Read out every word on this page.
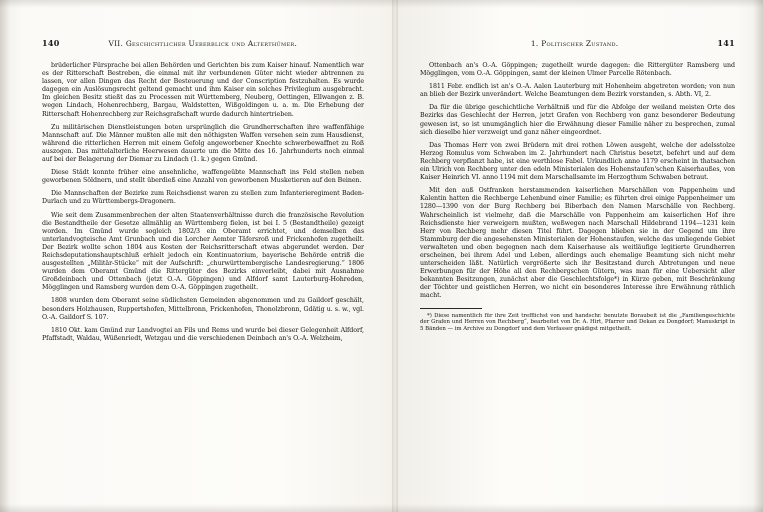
140	VII. Geschichtlicher Ueberblick und Alterthümer.

brüderlicher Fürsprache bei allen Behörden und Gerichten bis zum Kaiser hinauf. Namentlich war es der Ritterschaft Bestreben, die einmal mit ihr verbundenen Güter nicht wieder abtrennen zu lassen, vor allen Dingen das Recht der Besteuerung und der Conscription festzuhalten. Es wurde dagegen ein Auslösungsrecht geltend gemacht und ihm Kaiser ein solches Privilegium ausgebracht. Im gleichen Besitz stießt das zu Processen mit Württemberg, Neuberg, Oettingen, Ellwangen z. B. wegen Lindach, Hohenrechberg, Bargau, Waldstetten, Wißgoldingen u. a. m. Die Erhebung der Ritterschaft Hohenrechberg zur Reichsgrafschaft wurde dadurch hintertrieben.

Zu militärischen Dienstleistungen boten ursprünglich die Grundherrschaften ihre waffenfähige Mannschaft auf. Die Männer mußten alle mit den nöthigsten Waffen versehen sein zum Hausdienst, während die ritterlichen Herren mit einem Gefolg angeworbener Knechte schwerbewaffnet zu Roß auszogen. Das mittelalterliche Heerwesen dauerte um die Mitte des 16. Jahrhunderts noch einmal auf bei der Belagerung der Diemar zu Lindach (1. k.) gegen Gmünd.

Diese Städt konnte früher eine ansehnliche, waffengeübte Mannschaft ins Feld stellen neben geworbenen Söldnern, und stellt überdieß eine Anzahl von geworbenen Musketieren auf den Beinen.

Die Mannschaften der Bezirke zum Reichsdienst waren zu stellen zum Infanterieregiment Baden-Durlach und zu Württembergs-Dragonern.

Wie seit dem Zusammenbrechen der alten Staatenverhältnisse durch die französische Revolution die Bestandtheile der Gesetze allmählig an Württemberg fielen, ist bei I. 5 (Bestandtheile) gezeigt worden. Im Gmünd wurde sogleich 1802/3 ein Oberamt errichtet, und demselben das unterlandvogteische Amt Grunbach und die Lorcher Aemter Täfersroß und Frickenhofen zugetheilt. Der Bezirk wollte schon 1804 aus Kosten der Reichsritterschaft etwas abgerundet werden. Der Reichsdeputationshauptschluß erhielt jedoch ein Kontinuatorium, bayerische Behörde entriß die ausgestellten „Militär-Stücke“ mit der Aufschrift: „churwürttembergische Landesregierung.“ 1806 wurden dem Oberamt Gmünd die Rittergüter des Bezirks einverleibt, dabei mit Ausnahme Großdeinbach und Ottenbach (jetzt O.-A. Göppingen) und Alfdorf samt Lauterburg-Hohreden, Mögglingen und Ramsberg wurden dem O.-A. Göppingen zugetheilt.

1808 wurden dem Oberamt seine südlichsten Gemeinden abgenommen und zu Gaildorf geschält, besonders Holzhausen, Ruppertshofen, Mittelbronn, Frickenhofen, Thonolzbronn, Gdätig u. s. w., vgl. O.-A. Gaildorf S. 107.

1810 Okt. kam Gmünd zur Landvogtei an Fils und Rems und wurde bei dieser Gelegenheit Alfdorf, Pfaffstadt, Waldau, Wüßenriedt, Wetzgau und die verschiedenen Deinbach an's O.-A. Welzheim,

1. Politischer Zustand.	141

Ottenbach an's O.-A. Göppingen; zugetheilt wurde dagegen: die Rittergüter Ramsberg und Mögglingen, vom O.-A. Göppingen, samt der kleinen Ulmer Parcelle Rötenbach.

1811 Febr. endlich ist an's O.-A. Aalen Lauterburg mit Hohenheim abgetreten worden; von nun an blieb der Bezirk unverändert. Welche Beamtungen dem Bezirk vorstanden, s. Abth. VI, 2.

Da für die übrige geschichtliche Verhältniß und für die Abfolge der weiland meisten Orte des Bezirks das Geschlecht der Herren, jetzt Grafen von Rechberg von ganz besonderer Bedeutung gewesen ist, so ist unumgänglich hier die Erwähnung dieser Familie näher zu besprechen, zumal sich dieselbe hier verzweigt und ganz näher eingeordnet.

Das Thomas Herr von zwei Brüdern mit drei rothen Löwen ausgeht, welche der adelsstolze Herzog Romulus vom Schwaben im 2. Jahrhundert nach Christus besetzt, befehrt und auf dem Rechberg verpflanzt habe, ist eine werthlose Fabel. Urkundlich anno 1179 erscheint in thatsachen ein Ulrich von Rechberg unter den edeln Ministerialen des Hohenstaufen'schen Kaiserhaußes, von Kaiser Heinrich VI. anno 1194 mit dem Marschallsamte im Herzogthum Schwaben betraut.

Mit den auß Ostfranken herstammenden kaiserlichen Marschällen von Pappenheim und Kalentin hatten die Rechberge Lehenbund einer Familie; es führten drei einige Pappenheimer um 1280—1390 von der Burg Rechberg bei Biberbach den Namen Marschälle von Rechberg. Wahrscheinlich ist vielmehr, daß die Marschälle von Pappenheim am kaiserlichen Hof ihre Reichsdienste hier verweigern mußten, weßwegen nach Marschall Hildebrand 1194—1231 kein Herr von Rechberg mehr diesen Titel führt. Dagegen blieben sie in der Gegend um ihre Stammburg der die angesehensten Ministerialen der Hohenstaufen, welche das umliegende Gebiet verwalteten und oben begegnen nach dem Kaiserhause als weitläufige legitierte Grundherren erscheinen, bei ihrem Adel und Leben, allerdings auch ehemalige Beamtung sich nicht mehr unterscheiden läßt. Natürlich vergrößerte sich ihr Besitzstand durch Abtretungen und neue Erwerbungen für der Höhe all den Rechbergschen Gütern, was man für eine Uebersicht aller bekannten Besitzungen, zunächst aber die Geschlechtsfolge*) in Kürze geben, mit Beschränkung der Töchter und geistlichen Herren, wo nicht ein besonderes Interesse ihre Erwähnung räthlich macht.

*) Diese namentlich für ihre Zeit trefflichst von und handschr. benutzte Boraubeit ist die „Familiengeschichte der Grafen und Herren von Rechberg“, bearbeitet von Dr. A. Hirt, Pfarrer und Dekan zu Dongdorf; Manuskript in 5 Bänden — im Archive zu Dongdorf und dem Verfasser gnädigst mitgetheilt.
